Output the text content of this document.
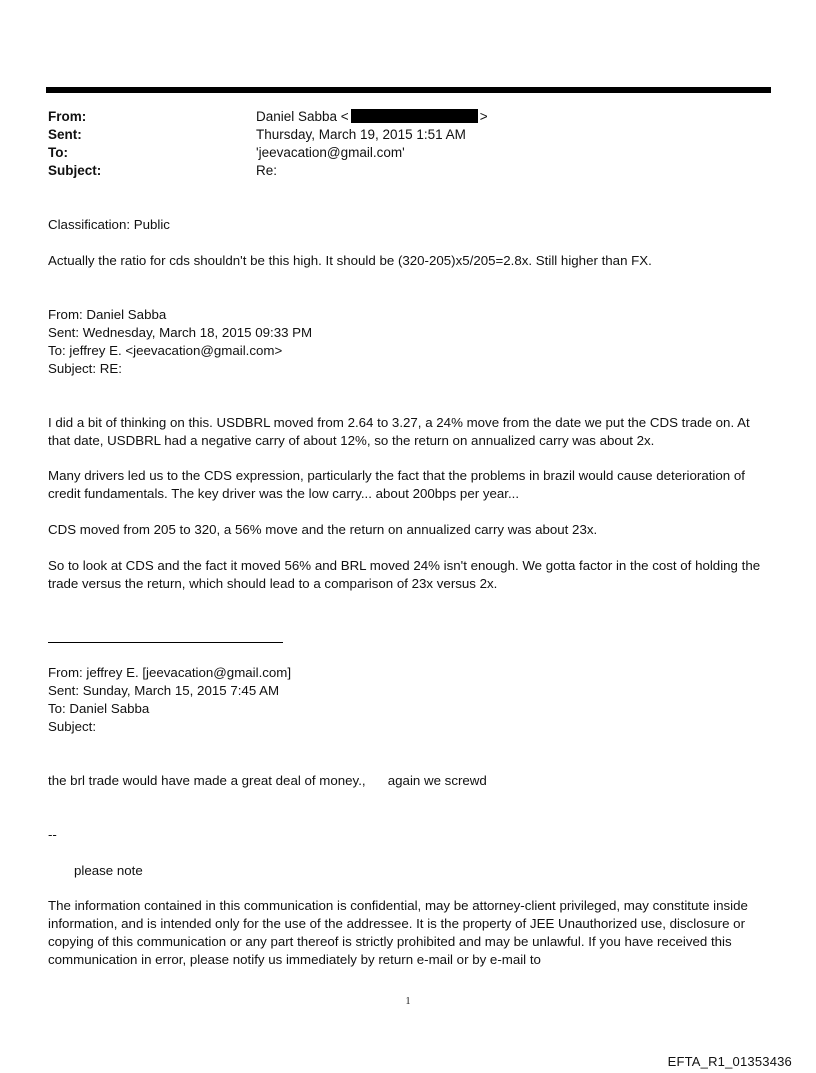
From:	Daniel Sabba <	>
Sent:	Thursday, March 19, 2015 1:51 AM
To:	'jeevacation@gmail.com'
Subject:	Re:
Classification: Public
Actually the ratio for cds shouldn't be this high. It should be (320-205)x5/205=2.8x. Still higher than FX.
From: Daniel Sabba
Sent: Wednesday, March 18, 2015 09:33 PM
To: jeffrey E. <jeevacation@gmail.com>
Subject: RE:
I did a bit of thinking on this. USDBRL moved from 2.64 to 3.27, a 24% move from the date we put the CDS trade on. At that date, USDBRL had a negative carry of about 12%, so the return on annualized carry was about 2x.
Many drivers led us to the CDS expression, particularly the fact that the problems in brazil would cause deterioration of credit fundamentals. The key driver was the low carry... about 200bps per year...
CDS moved from 205 to 320, a 56% move and the return on annualized carry was about 23x.
So to look at CDS and the fact it moved 56% and BRL moved 24% isn't enough. We gotta factor in the cost of holding the trade versus the return, which should lead to a comparison of 23x versus 2x.
From: jeffrey E. [jeevacation@gmail.com]
Sent: Sunday, March 15, 2015 7:45 AM
To: Daniel Sabba
Subject:
the brl trade would have made a great deal of money.,      again we screwd
--
please note
The information contained in this communication is confidential, may be attorney-client privileged, may constitute inside information, and is intended only for the use of the addressee. It is the property of JEE Unauthorized use, disclosure or copying of this communication or any part thereof is strictly prohibited and may be unlawful. If you have received this communication in error, please notify us immediately by return e-mail or by e-mail to
1
EFTA_R1_01353436
